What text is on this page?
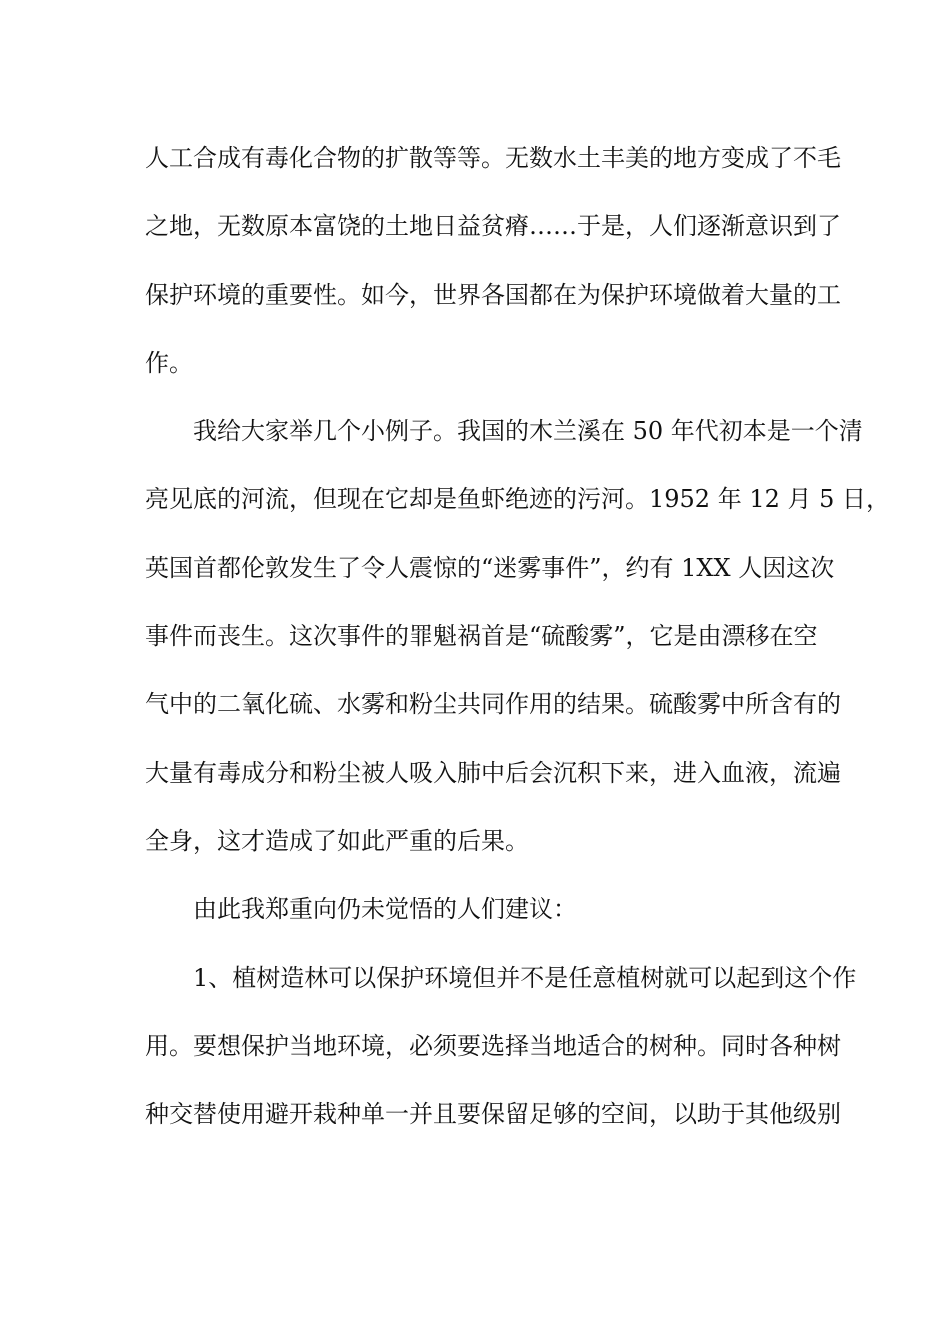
人工合成有毒化合物的扩散等等。无数水土丰美的地方变成了不毛
之地，无数原本富饶的土地日益贫瘠……于是，人们逐渐意识到了
保护环境的重要性。如今，世界各国都在为保护环境做着大量的工
作。
我给大家举几个小例子。我国的木兰溪在 50 年代初本是一个清
亮见底的河流，但现在它却是鱼虾绝迹的污河。1952 年 12 月 5 日，
英国首都伦敦发生了令人震惊的“迷雾事件”，约有 1XX 人因这次
事件而丧生。这次事件的罪魁祸首是“硫酸雾”，它是由漂移在空
气中的二氧化硫、水雾和粉尘共同作用的结果。硫酸雾中所含有的
大量有毒成分和粉尘被人吸入肺中后会沉积下来，进入血液，流遍
全身，这才造成了如此严重的后果。
由此我郑重向仍未觉悟的人们建议：
1、植树造林可以保护环境但并不是任意植树就可以起到这个作
用。要想保护当地环境，必须要选择当地适合的树种。同时各种树
种交替使用避开栽种单一并且要保留足够的空间，以助于其他级别
